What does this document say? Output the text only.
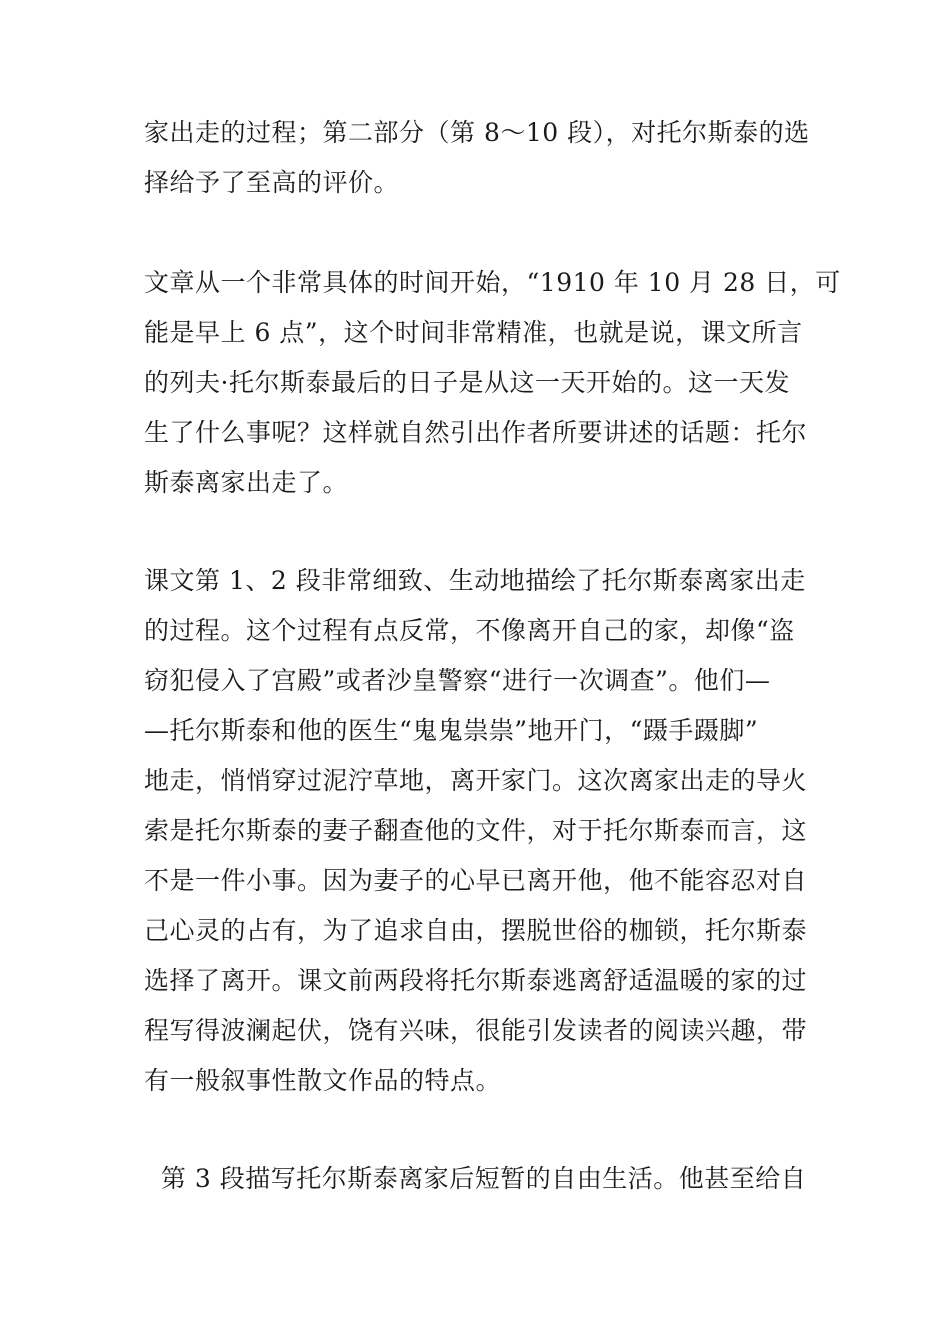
家出走的过程；第二部分（第 8～10 段），对托尔斯泰的选
择给予了至高的评价。
文章从一个非常具体的时间开始，“1910 年 10 月 28 日，可
能是早上 6 点”，这个时间非常精准，也就是说，课文所言
的列夫·托尔斯泰最后的日子是从这一天开始的。这一天发
生了什么事呢？这样就自然引出作者所要讲述的话题：托尔
斯泰离家出走了。
课文第 1、2 段非常细致、生动地描绘了托尔斯泰离家出走
的过程。这个过程有点反常，不像离开自己的家，却像“盗
窃犯侵入了宫殿”或者沙皇警察“进行一次调查”。他们—
—托尔斯泰和他的医生“鬼鬼祟祟”地开门，“蹑手蹑脚”
地走，悄悄穿过泥泞草地，离开家门。这次离家出走的导火
索是托尔斯泰的妻子翻查他的文件，对于托尔斯泰而言，这
不是一件小事。因为妻子的心早已离开他，他不能容忍对自
己心灵的占有，为了追求自由，摆脱世俗的枷锁，托尔斯泰
选择了离开。课文前两段将托尔斯泰逃离舒适温暖的家的过
程写得波澜起伏，饶有兴味，很能引发读者的阅读兴趣，带
有一般叙事性散文作品的特点。
第 3 段描写托尔斯泰离家后短暂的自由生活。他甚至给自
